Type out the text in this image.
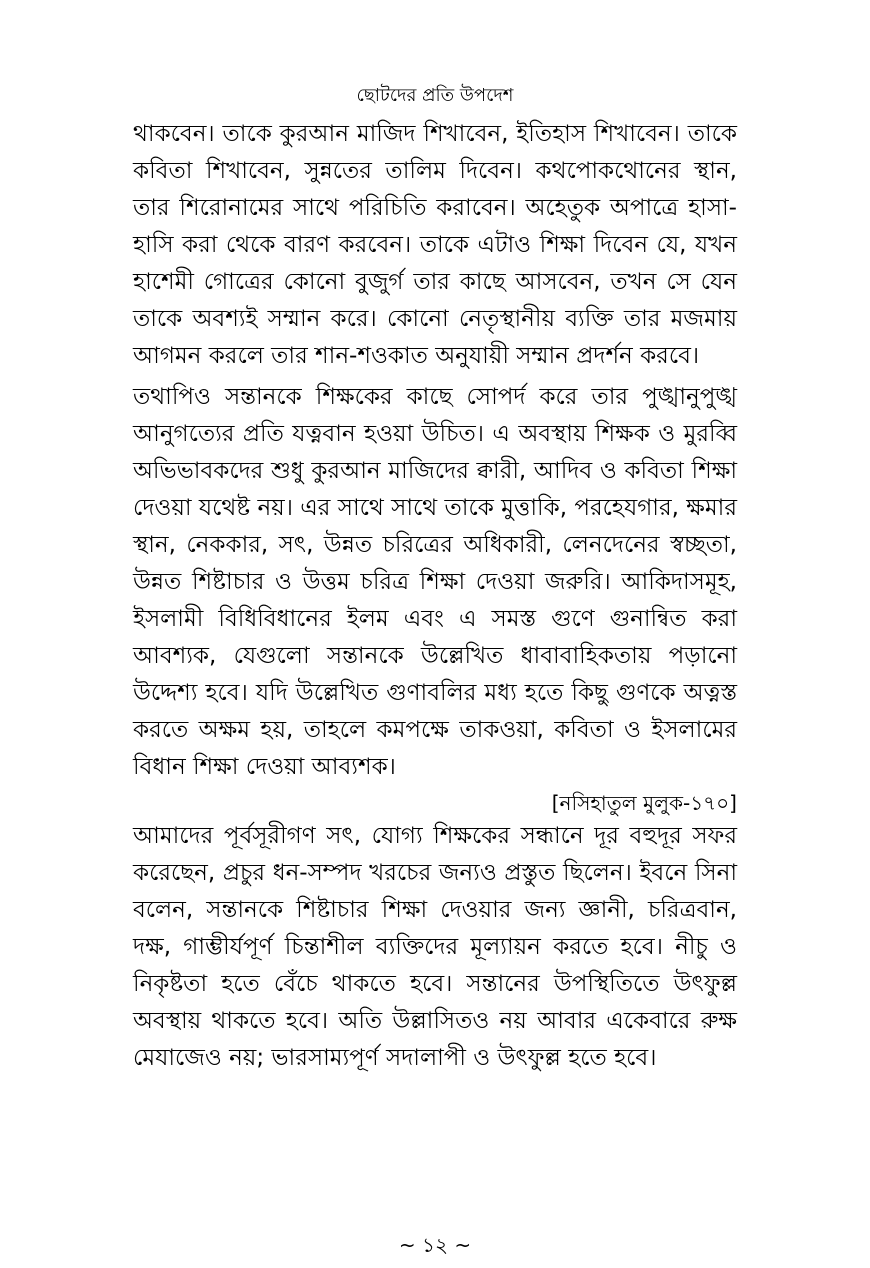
ছোটদের প্রতি উপদেশ

থাকবেন। তাকে কুরআন মাজিদ শিখাবেন, ইতিহাস শিখাবেন। তাকে কবিতা শিখাবেন, সুন্নতের তালিম দিবেন। কথপোকথোনের স্থান, তার শিরোনামের সাথে পরিচিতি করাবেন। অহেতুক অপাত্রে হাসা-হাসি করা থেকে বারণ করবেন। তাকে এটাও শিক্ষা দিবেন যে, যখন হাশেমী গোত্রের কোনো বুজুর্গ তার কাছে আসবেন, তখন সে যেন তাকে অবশ্যই সম্মান করে। কোনো নেতৃস্থানীয় ব্যক্তি তার মজমায় আগমন করলে তার শান-শওকাত অনুযায়ী সম্মান প্রদর্শন করবে।

তথাপিও সন্তানকে শিক্ষকের কাছে সোপর্দ করে তার পুঙ্খানুপুঙ্খ আনুগত্যের প্রতি যত্নবান হওয়া উচিত। এ অবস্থায় শিক্ষক ও মুরব্বি অভিভাবকদের শুধু কুরআন মাজিদের ক্বারী, আদিব ও কবিতা শিক্ষা দেওয়া যথেষ্ট নয়। এর সাথে সাথে তাকে মুত্তাকি, পরহেযগার, ক্ষমার স্থান, নেককার, সৎ, উন্নত চরিত্রের অধিকারী, লেনদেনের স্বচ্ছতা, উন্নত শিষ্টাচার ও উত্তম চরিত্র শিক্ষা দেওয়া জরুরি। আকিদাসমূহ, ইসলামী বিধিবিধানের ইলম এবং এ সমস্ত গুণে গুনান্বিত করা আবশ্যক, যেগুলো সন্তানকে উল্লেখিত ধাবাবাহিকতায় পড়ানো উদ্দেশ্য হবে। যদি উল্লেখিত গুণাবলির মধ্য হতে কিছু গুণকে অত্নস্ত করতে অক্ষম হয়, তাহলে কমপক্ষে তাকওয়া, কবিতা ও ইসলামের বিধান শিক্ষা দেওয়া আব্যশক।

[নসিহাতুল মুলুক-১৭০]

আমাদের পূর্বসূরীগণ সৎ, যোগ্য শিক্ষকের সন্ধানে দূর বহুদূর সফর করেছেন, প্রচুর ধন-সম্পদ খরচের জন্যও প্রস্তুত ছিলেন। ইবনে সিনা বলেন, সন্তানকে শিষ্টাচার শিক্ষা দেওয়ার জন্য জ্ঞানী, চরিত্রবান, দক্ষ, গাম্ভীর্যপূর্ণ চিন্তাশীল ব্যক্তিদের মূল্যায়ন করতে হবে। নীচু ও নিকৃষ্টতা হতে বেঁচে থাকতে হবে। সন্তানের উপস্থিতিতে উৎফুল্ল অবস্থায় থাকতে হবে। অতি উল্লাসিতও নয় আবার একেবারে রুক্ষ মেযাজেও নয়; ভারসাম্যপূর্ণ সদালাপী ও উৎফুল্ল হতে হবে।

~ ১২ ~
